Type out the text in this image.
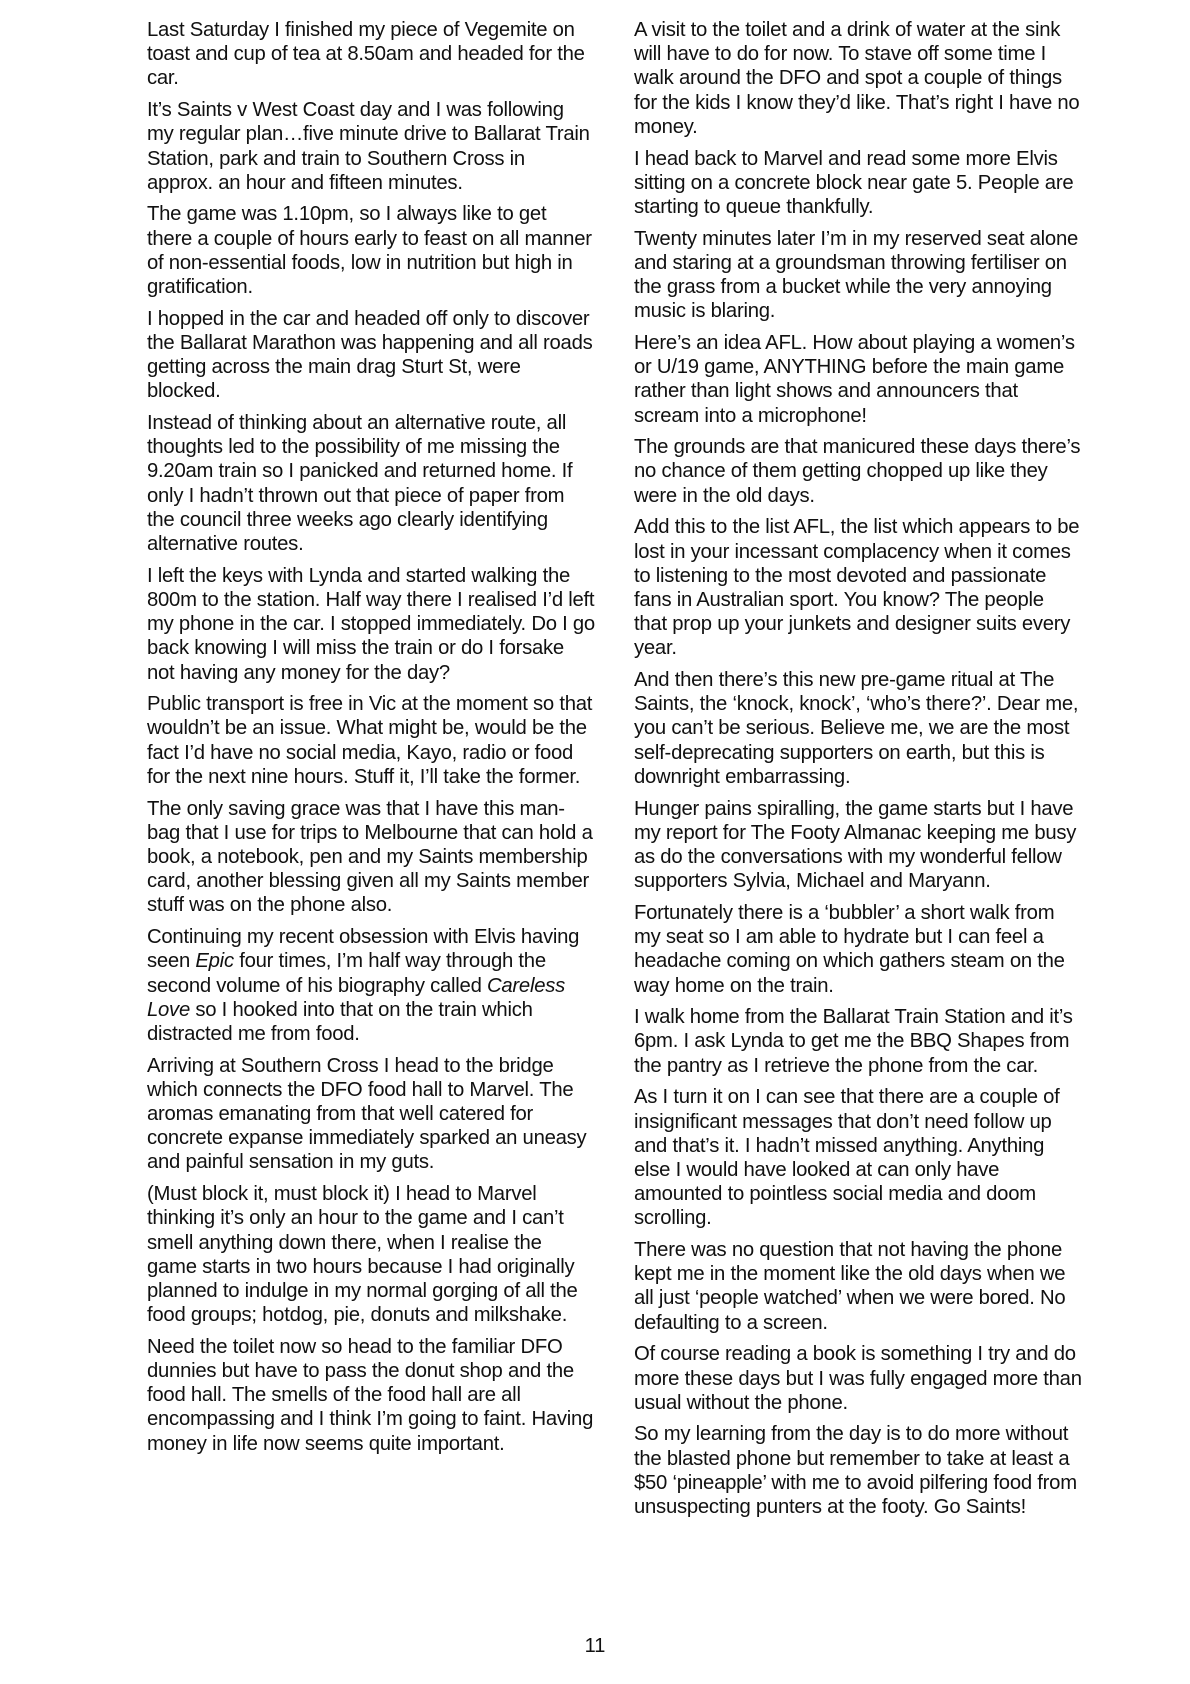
Last Saturday I finished my piece of Vegemite on toast and cup of tea at 8.50am and headed for the car.

It’s Saints v West Coast day and I was following my regular plan…five minute drive to Ballarat Train Station, park and train to Southern Cross in approx. an hour and fifteen minutes.

The game was 1.10pm, so I always like to get there a couple of hours early to feast on all manner of non-essential foods, low in nutrition but high in gratification.

I hopped in the car and headed off only to discover the Ballarat Marathon was happening and all roads getting across the main drag Sturt St, were blocked.

Instead of thinking about an alternative route, all thoughts led to the possibility of me missing the 9.20am train so I panicked and returned home. If only I hadn’t thrown out that piece of paper from the council three weeks ago clearly identifying alternative routes.

I left the keys with Lynda and started walking the 800m to the station. Half way there I realised I’d left my phone in the car. I stopped immediately. Do I go back knowing I will miss the train or do I forsake not having any money for the day?

Public transport is free in Vic at the moment so that wouldn’t be an issue. What might be, would be the fact I’d have no social media, Kayo, radio or food for the next nine hours. Stuff it, I’ll take the former.

The only saving grace was that I have this man-bag that I use for trips to Melbourne that can hold a book, a notebook, pen and my Saints membership card, another blessing given all my Saints member stuff was on the phone also.

Continuing my recent obsession with Elvis having seen Epic four times, I’m half way through the second volume of his biography called Careless Love so I hooked into that on the train which distracted me from food.

Arriving at Southern Cross I head to the bridge which connects the DFO food hall to Marvel. The aromas emanating from that well catered for concrete expanse immediately sparked an uneasy and painful sensation in my guts.

(Must block it, must block it) I head to Marvel thinking it’s only an hour to the game and I can’t smell anything down there, when I realise the game starts in two hours because I had originally planned to indulge in my normal gorging of all the food groups; hotdog, pie, donuts and milkshake.

Need the toilet now so head to the familiar DFO dunnies but have to pass the donut shop and the food hall. The smells of the food hall are all encompassing and I think I’m going to faint. Having money in life now seems quite important.

A visit to the toilet and a drink of water at the sink will have to do for now. To stave off some time I walk around the DFO and spot a couple of things for the kids I know they’d like. That’s right I have no money.

I head back to Marvel and read some more Elvis sitting on a concrete block near gate 5. People are starting to queue thankfully.

Twenty minutes later I’m in my reserved seat alone and staring at a groundsman throwing fertiliser on the grass from a bucket while the very annoying music is blaring.

Here’s an idea AFL. How about playing a women’s or U/19 game, ANYTHING before the main game rather than light shows and announcers that scream into a microphone!

The grounds are that manicured these days there’s no chance of them getting chopped up like they were in the old days.

Add this to the list AFL, the list which appears to be lost in your incessant complacency when it comes to listening to the most devoted and passionate fans in Australian sport. You know? The people that prop up your junkets and designer suits every year.

And then there’s this new pre-game ritual at The Saints, the ‘knock, knock’, ‘who’s there?’. Dear me, you can’t be serious. Believe me, we are the most self-deprecating supporters on earth, but this is downright embarrassing.

Hunger pains spiralling, the game starts but I have my report for The Footy Almanac keeping me busy as do the conversations with my wonderful fellow supporters Sylvia, Michael and Maryann.

Fortunately there is a ‘bubbler’ a short walk from my seat so I am able to hydrate but I can feel a headache coming on which gathers steam on the way home on the train.

I walk home from the Ballarat Train Station and it’s 6pm. I ask Lynda to get me the BBQ Shapes from the pantry as I retrieve the phone from the car.

As I turn it on I can see that there are a couple of insignificant messages that don’t need follow up and that’s it. I hadn’t missed anything. Anything else I would have looked at can only have amounted to pointless social media and doom scrolling.

There was no question that not having the phone kept me in the moment like the old days when we all just ‘people watched’ when we were bored. No defaulting to a screen.

Of course reading a book is something I try and do more these days but I was fully engaged more than usual without the phone.

So my learning from the day is to do more without the blasted phone but remember to take at least a $50 ‘pineapple’ with me to avoid pilfering food from unsuspecting punters at the footy. Go Saints!

11
